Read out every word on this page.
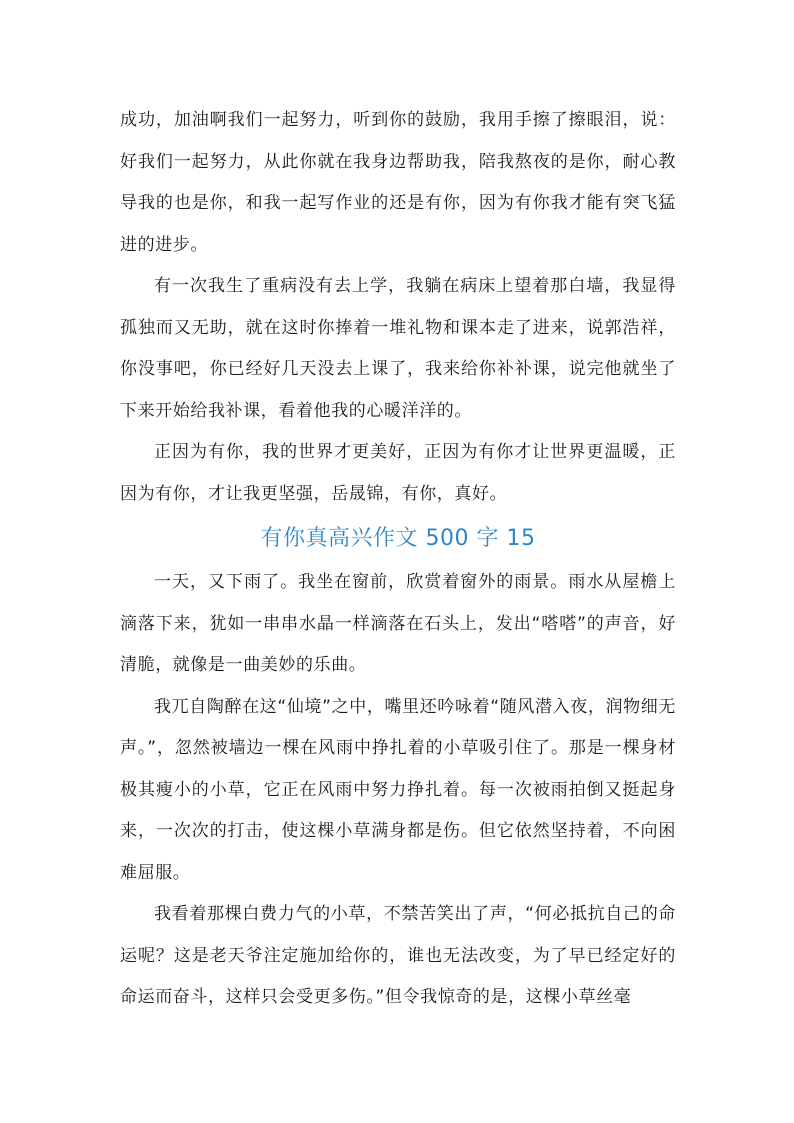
成功，加油啊我们一起努力，听到你的鼓励，我用手擦了擦眼泪，说：好我们一起努力，从此你就在我身边帮助我，陪我熬夜的是你，耐心教导我的也是你，和我一起写作业的还是有你，因为有你我才能有突飞猛进的进步。

有一次我生了重病没有去上学，我躺在病床上望着那白墙，我显得孤独而又无助，就在这时你捧着一堆礼物和课本走了进来，说郭浩祥，你没事吧，你已经好几天没去上课了，我来给你补补课，说完他就坐了下来开始给我补课，看着他我的心暖洋洋的。

正因为有你，我的世界才更美好，正因为有你才让世界更温暖，正因为有你，才让我更坚强，岳晟锦，有你，真好。

有你真高兴作文 500 字 15

一天，又下雨了。我坐在窗前，欣赏着窗外的雨景。雨水从屋檐上滴落下来，犹如一串串水晶一样滴落在石头上，发出“嗒嗒”的声音，好清脆，就像是一曲美妙的乐曲。

我兀自陶醉在这“仙境”之中，嘴里还吟咏着“随风潜入夜，润物细无声。”，忽然被墙边一棵在风雨中挣扎着的小草吸引住了。那是一棵身材极其瘦小的小草，它正在风雨中努力挣扎着。每一次被雨拍倒又挺起身来，一次次的打击，使这棵小草满身都是伤。但它依然坚持着，不向困难屈服。

我看着那棵白费力气的小草，不禁苦笑出了声，“何必抵抗自己的命运呢？这是老天爷注定施加给你的，谁也无法改变，为了早已经定好的命运而奋斗，这样只会受更多伤。”但令我惊奇的是，这棵小草丝毫
